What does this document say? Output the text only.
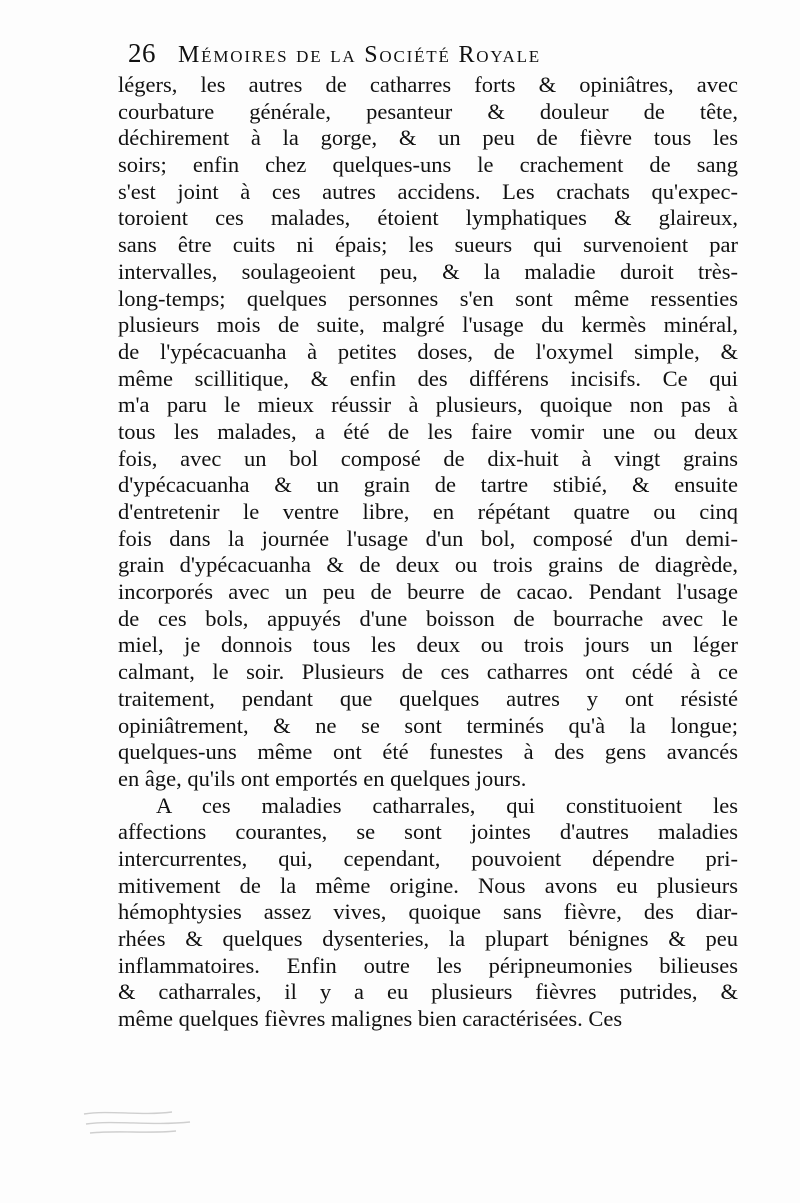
26 Mémoires de la Société Royale
légers, les autres de catharres forts & opiniâtres, avec
courbature générale, pesanteur & douleur de tête,
déchirement à la gorge, & un peu de fièvre tous les
soirs; enfin chez quelques-uns le crachement de sang
s'est joint à ces autres accidens. Les crachats qu'expec-
toroient ces malades, étoient lymphatiques & glaireux,
sans être cuits ni épais; les sueurs qui survenoient par
intervalles, soulageoient peu, & la maladie duroit très-
long-temps; quelques personnes s'en sont même ressenties
plusieurs mois de suite, malgré l'usage du kermès minéral,
de l'ypécacuanha à petites doses, de l'oxymel simple, &
même scillitique, & enfin des différens incisifs. Ce qui
m'a paru le mieux réussir à plusieurs, quoique non pas à
tous les malades, a été de les faire vomir une ou deux
fois, avec un bol composé de dix-huit à vingt grains
d'ypécacuanha & un grain de tartre stibié, & ensuite
d'entretenir le ventre libre, en répétant quatre ou cinq
fois dans la journée l'usage d'un bol, composé d'un demi-
grain d'ypécacuanha & de deux ou trois grains de diagrède,
incorporés avec un peu de beurre de cacao. Pendant l'usage
de ces bols, appuyés d'une boisson de bourrache avec le
miel, je donnois tous les deux ou trois jours un léger
calmant, le soir. Plusieurs de ces catharres ont cédé à ce
traitement, pendant que quelques autres y ont résisté
opiniâtrement, & ne se sont terminés qu'à la longue;
quelques-uns même ont été funestes à des gens avancés
en âge, qu'ils ont emportés en quelques jours.
A ces maladies catharrales, qui constituoient les
affections courantes, se sont jointes d'autres maladies
intercurrentes, qui, cependant, pouvoient dépendre pri-
mitivement de la même origine. Nous avons eu plusieurs
hémophtysies assez vives, quoique sans fièvre, des diar-
rhées & quelques dysenteries, la plupart bénignes & peu
inflammatoires. Enfin outre les péripneumonies bilieuses
& catharrales, il y a eu plusieurs fièvres putrides, &
même quelques fièvres malignes bien caractérisées. Ces
